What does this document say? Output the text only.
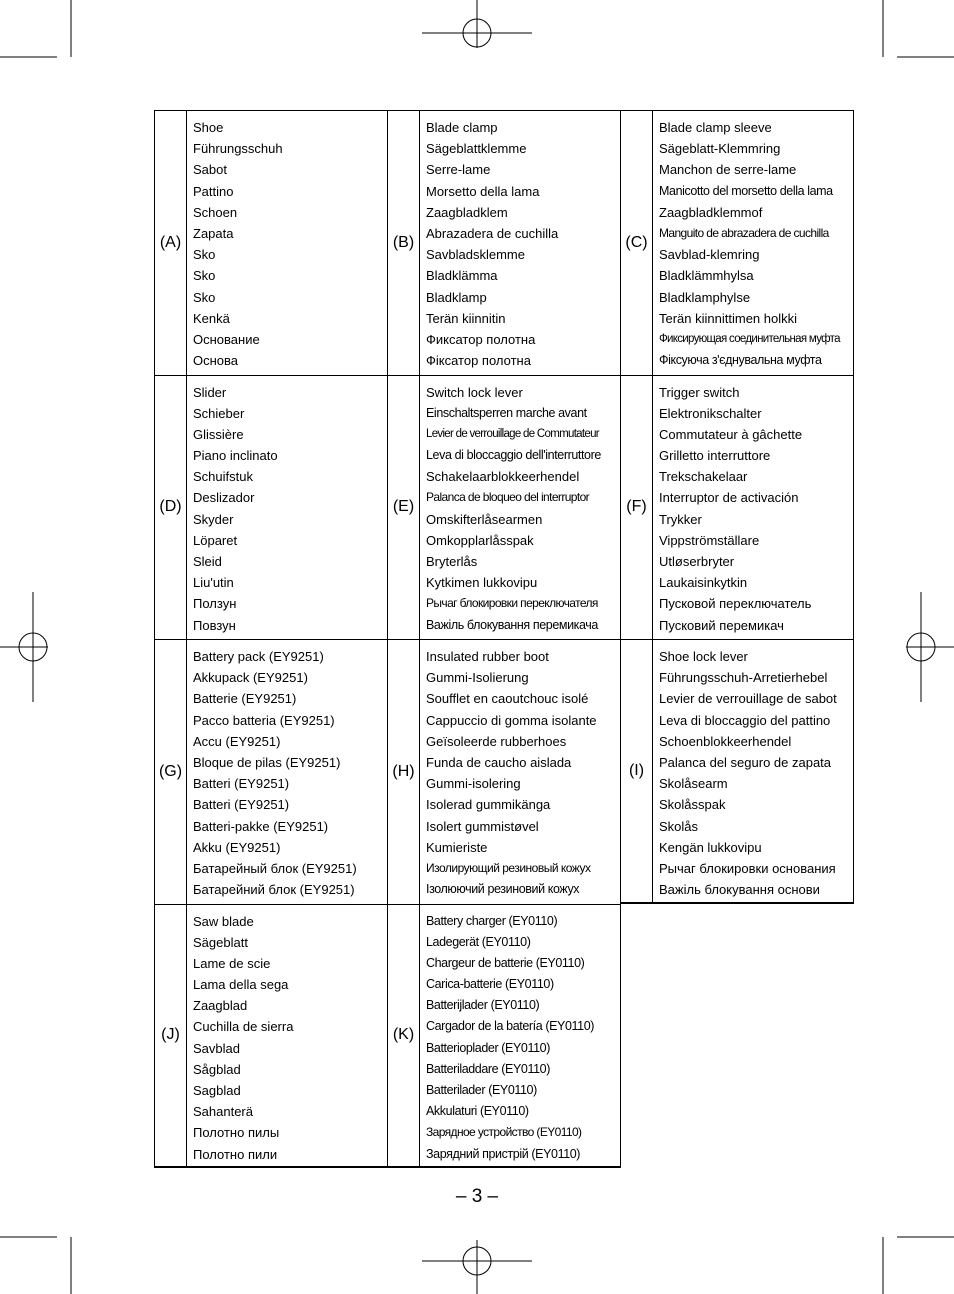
(A)
Shoe
Führungsschuh
Sabot
Pattino
Schoen
Zapata
Sko
Sko
Sko
Kenkä
Основание
Основа
(B)
Blade clamp
Sägeblattklemme
Serre-lame
Morsetto della lama
Zaagbladklem
Abrazadera de cuchilla
Savbladsklemme
Bladklämma
Bladklamp
Terän kiinnitin
Фиксатор полотна
Фіксатор полотна
(C)
Blade clamp sleeve
Sägeblatt-Klemmring
Manchon de serre-lame
Manicotto del morsetto della lama
Zaagbladklemmof
Manguito de abrazadera de cuchilla
Savblad-klemring
Bladklämmhylsa
Bladklamphylse
Terän kiinnittimen holkki
Фиксирующая соединительная муфта
Фіксуюча з'єднувальна муфта
(D)
Slider
Schieber
Glissière
Piano inclinato
Schuifstuk
Deslizador
Skyder
Löparet
Sleid
Liu'utin
Ползун
Повзун
(E)
Switch lock lever
Einschaltsperren marche avant
Levier de verrouillage de Commutateur
Leva di bloccaggio dell'interruttore
Schakelaarblokkeerhendel
Palanca de bloqueo del interruptor
Omskifterlåsearmen
Omkopplarlåsspak
Bryterlås
Kytkimen lukkovipu
Рычаг блокировки переключателя
Важіль блокування перемикача
(F)
Trigger switch
Elektronikschalter
Commutateur à gâchette
Grilletto interruttore
Trekschakelaar
Interruptor de activación
Trykker
Vippströmställare
Utløserbryter
Laukaisinkytkin
Пусковой переключатель
Пусковий перемикач
(G)
Battery pack (EY9251)
Akkupack (EY9251)
Batterie (EY9251)
Pacco batteria (EY9251)
Accu (EY9251)
Bloque de pilas (EY9251)
Batteri (EY9251)
Batteri (EY9251)
Batteri-pakke (EY9251)
Akku (EY9251)
Батарейный блок (EY9251)
Батарейний блок (EY9251)
(H)
Insulated rubber boot
Gummi-Isolierung
Soufflet en caoutchouc isolé
Cappuccio di gomma isolante
Geïsoleerde rubberhoes
Funda de caucho aislada
Gummi-isolering
Isolerad gummikänga
Isolert gummistøvel
Kumieriste
Изолирующий резиновый кожух
Ізолюючий резиновий кожух
(I)
Shoe lock lever
Führungsschuh-Arretierhebel
Levier de verrouillage de sabot
Leva di bloccaggio del pattino
Schoenblokkeerhendel
Palanca del seguro de zapata
Skolåsearm
Skolåsspak
Skolås
Kengän lukkovipu
Рычаг блокировки основания
Важіль блокування основи
(J)
Saw blade
Sägeblatt
Lame de scie
Lama della sega
Zaagblad
Cuchilla de sierra
Savblad
Sågblad
Sagblad
Sahanterä
Полотно пилы
Полотно пили
(K)
Battery charger (EY0110)
Ladegerät (EY0110)
Chargeur de batterie (EY0110)
Carica-batterie (EY0110)
Batterijlader (EY0110)
Cargador de la batería (EY0110)
Batterioplader (EY0110)
Batteriladdare (EY0110)
Batterilader (EY0110)
Akkulaturi (EY0110)
Зарядное устройство (EY0110)
Зарядний пристрій (EY0110)
– 3 –
